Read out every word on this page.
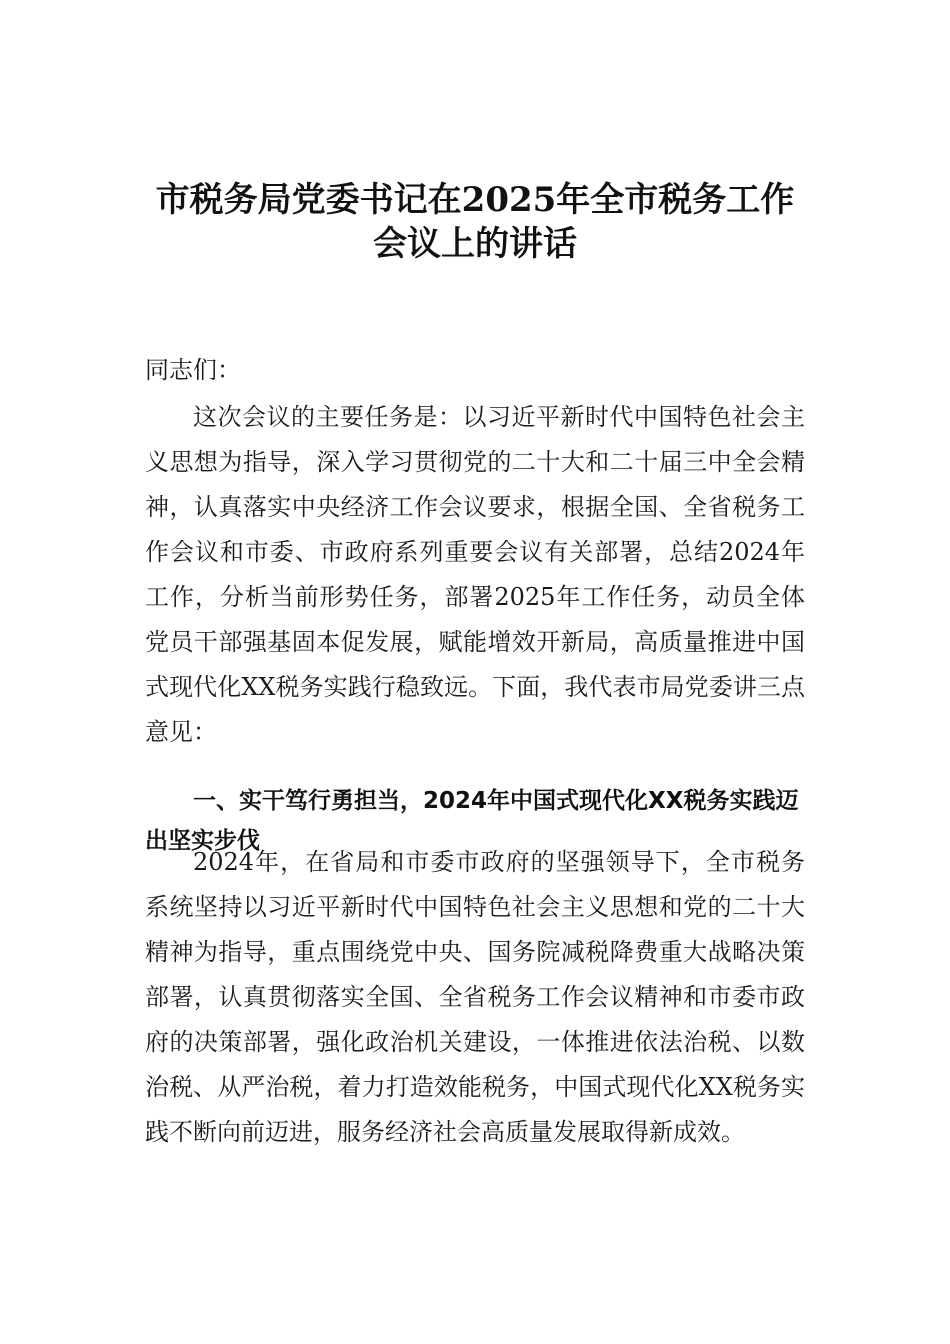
市税务局党委书记在2025年全市税务工作
会议上的讲话

同志们：

这次会议的主要任务是：以习近平新时代中国特色社会主义思想为指导，深入学习贯彻党的二十大和二十届三中全会精神，认真落实中央经济工作会议要求，根据全国、全省税务工作会议和市委、市政府系列重要会议有关部署，总结2024年工作，分析当前形势任务，部署2025年工作任务，动员全体党员干部强基固本促发展，赋能增效开新局，高质量推进中国式现代化XX税务实践行稳致远。下面，我代表市局党委讲三点意见：

一、实干笃行勇担当，2024年中国式现代化XX税务实践迈出坚实步伐

2024年，在省局和市委市政府的坚强领导下，全市税务系统坚持以习近平新时代中国特色社会主义思想和党的二十大精神为指导，重点围绕党中央、国务院减税降费重大战略决策部署，认真贯彻落实全国、全省税务工作会议精神和市委市政府的决策部署，强化政治机关建设，一体推进依法治税、以数治税、从严治税，着力打造效能税务，中国式现代化XX税务实践不断向前迈进，服务经济社会高质量发展取得新成效。
